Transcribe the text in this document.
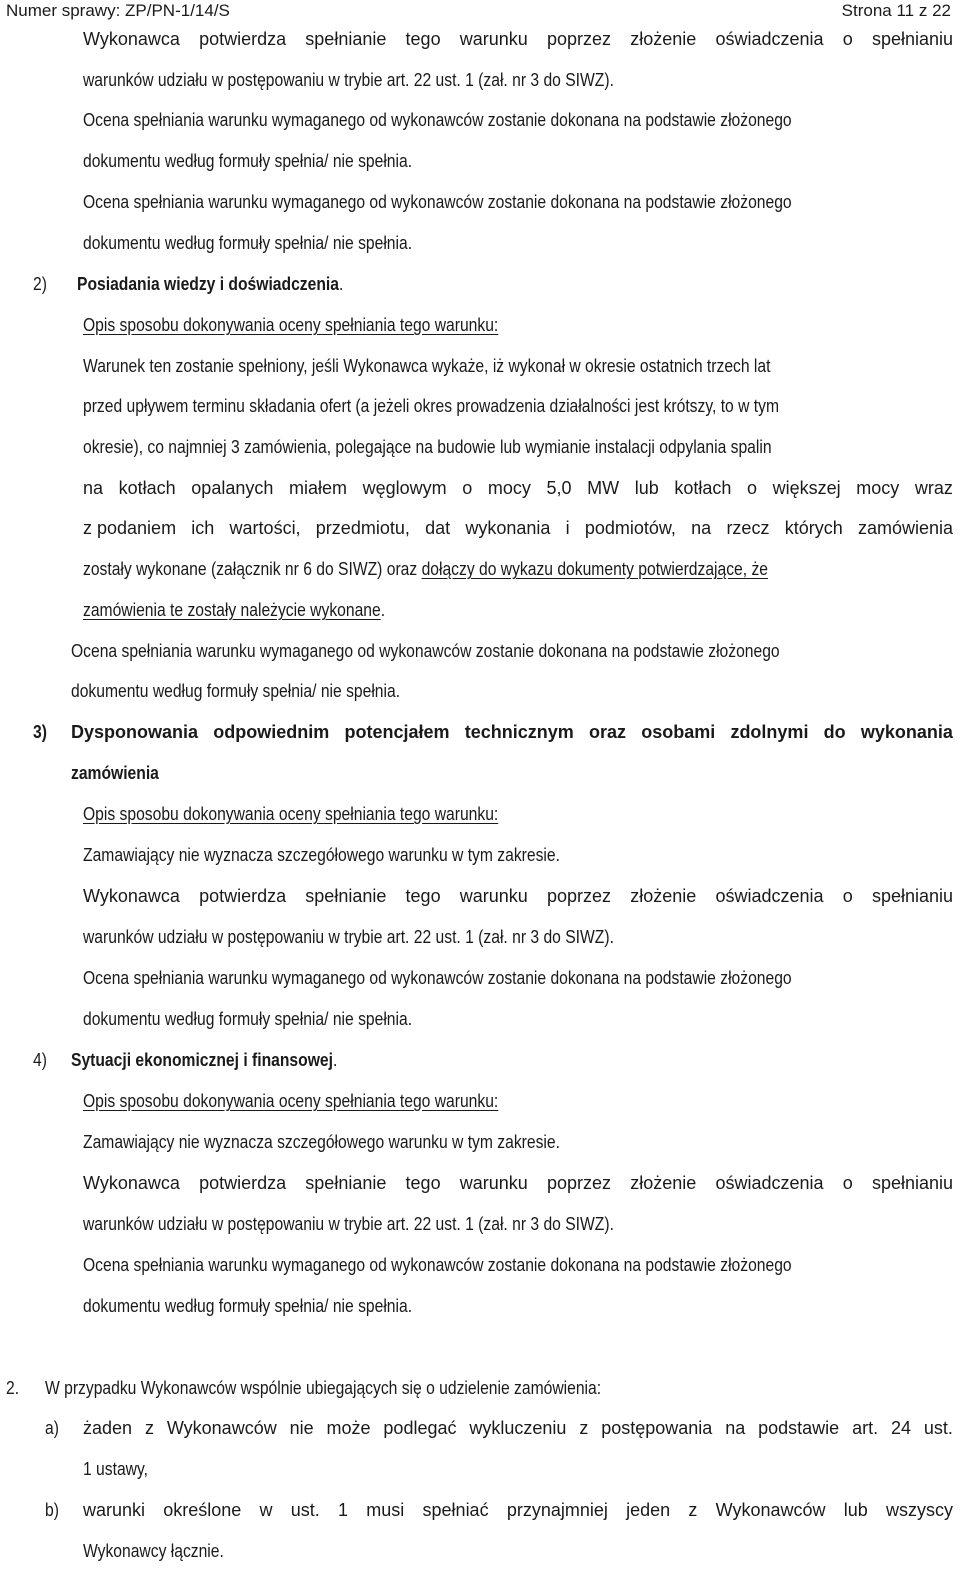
Numer sprawy: ZP/PN-1/14/S	Strona 11 z 22
Wykonawca potwierdza spełnianie tego warunku poprzez złożenie oświadczenia o spełnianiu
warunków udziału w postępowaniu w trybie art. 22 ust. 1 (zał. nr 3 do SIWZ).
Ocena spełniania warunku wymaganego od wykonawców zostanie dokonana na podstawie złożonego
dokumentu według formuły spełnia/ nie spełnia.
Ocena spełniania warunku wymaganego od wykonawców zostanie dokonana na podstawie złożonego
dokumentu według formuły spełnia/ nie spełnia.
2) Posiadania wiedzy i doświadczenia.
Opis sposobu dokonywania oceny spełniania tego warunku:
Warunek ten zostanie spełniony, jeśli Wykonawca wykaże, iż wykonał w okresie ostatnich trzech lat
przed upływem terminu składania ofert (a jeżeli okres prowadzenia działalności jest krótszy, to w tym
okresie), co najmniej 3 zamówienia, polegające na budowie lub wymianie instalacji odpylania spalin
na kotłach opalanych miałem węglowym o mocy 5,0 MW lub kotłach o większej mocy wraz
z podaniem ich wartości, przedmiotu, dat wykonania i podmiotów, na rzecz których zamówienia
zostały wykonane (załącznik nr 6 do SIWZ) oraz dołączy do wykazu dokumenty potwierdzające, że
zamówienia te zostały należycie wykonane.
Ocena spełniania warunku wymaganego od wykonawców zostanie dokonana na podstawie złożonego
dokumentu według formuły spełnia/ nie spełnia.
3) Dysponowania odpowiednim potencjałem technicznym oraz osobami zdolnymi do wykonania
zamówienia
Opis sposobu dokonywania oceny spełniania tego warunku:
Zamawiający nie wyznacza szczegółowego warunku w tym zakresie.
Wykonawca potwierdza spełnianie tego warunku poprzez złożenie oświadczenia o spełnianiu
warunków udziału w postępowaniu w trybie art. 22 ust. 1 (zał. nr 3 do SIWZ).
Ocena spełniania warunku wymaganego od wykonawców zostanie dokonana na podstawie złożonego
dokumentu według formuły spełnia/ nie spełnia.
4) Sytuacji ekonomicznej i finansowej.
Opis sposobu dokonywania oceny spełniania tego warunku:
Zamawiający nie wyznacza szczegółowego warunku w tym zakresie.
Wykonawca potwierdza spełnianie tego warunku poprzez złożenie oświadczenia o spełnianiu
warunków udziału w postępowaniu w trybie art. 22 ust. 1 (zał. nr 3 do SIWZ).
Ocena spełniania warunku wymaganego od wykonawców zostanie dokonana na podstawie złożonego
dokumentu według formuły spełnia/ nie spełnia.
2. W przypadku Wykonawców wspólnie ubiegających się o udzielenie zamówienia:
a) żaden z Wykonawców nie może podlegać wykluczeniu z postępowania na podstawie art. 24 ust.
1 ustawy,
b) warunki określone w ust. 1 musi spełniać przynajmniej jeden z Wykonawców lub wszyscy
Wykonawcy łącznie.
